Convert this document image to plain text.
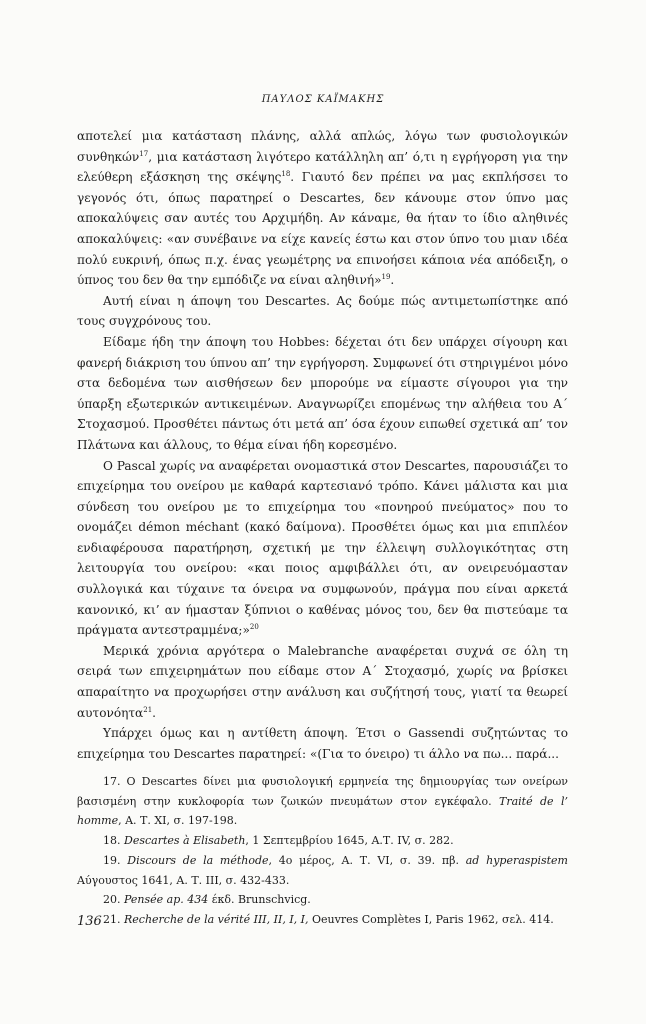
ΠΑΥΛΟΣ ΚΑΪΜΑΚΗΣ

αποτελεί μια κατάσταση πλάνης, αλλά απλώς, λόγω των φυσιολογικών συνθηκών$^{17}$, μια κατάσταση λιγότερο κατάλληλη απ’ ό,τι η εγρήγορση για την ελεύθερη εξάσκηση της σκέψης$^{18}$. Γιαυτό δεν πρέπει να μας εκπλήσσει το γεγονός ότι, όπως παρατηρεί ο Descartes, δεν κάνουμε στον ύπνο μας αποκαλύψεις σαν αυτές του Αρχιμήδη. Αν κάναμε, θα ήταν το ίδιο αληθινές αποκαλύψεις: «αν συνέβαινε να είχε κανείς έστω και στον ύπνο του μιαν ιδέα πολύ ευκρινή, όπως π.χ. ένας γεωμέτρης να επινοήσει κάποια νέα απόδειξη, ο ύπνος του δεν θα την εμπόδιζε να είναι αληθινή»$^{19}$.

Αυτή είναι η άποψη του Descartes. Ας δούμε πώς αντιμετωπίστηκε από τους συγχρόνους του.

Είδαμε ήδη την άποψη του Hobbes: δέχεται ότι δεν υπάρχει σίγουρη και φανερή διάκριση του ύπνου απ’ την εγρήγορση. Συμφωνεί ότι στηριγμένοι μόνο στα δεδομένα των αισθήσεων δεν μπορούμε να είμαστε σίγουροι για την ύπαρξη εξωτερικών αντικειμένων. Αναγνωρίζει επομένως την αλήθεια του Α΄ Στοχασμού. Προσθέτει πάντως ότι μετά απ’ όσα έχουν ειπωθεί σχετικά απ’ τον Πλάτωνα και άλλους, το θέμα είναι ήδη κορεσμένο.

Ο Pascal χωρίς να αναφέρεται ονομαστικά στον Descartes, παρουσιάζει το επιχείρημα του ονείρου με καθαρά καρτεσιανό τρόπο. Κάνει μάλιστα και μια σύνδεση του ονείρου με το επιχείρημα του «πονηρού πνεύματος» που το ονομάζει démon méchant (κακό δαίμονα). Προσθέτει όμως και μια επιπλέον ενδιαφέρουσα παρατήρηση, σχετική με την έλλειψη συλλογικότητας στη λειτουργία του ονείρου: «και ποιος αμφιβάλλει ότι, αν ονειρευόμασταν συλλογικά και τύχαινε τα όνειρα να συμφωνούν, πράγμα που είναι αρκετά κανονικό, κι’ αν ήμασταν ξύπνιοι ο καθένας μόνος του, δεν θα πιστεύαμε τα πράγματα αντεστραμμένα;»$^{20}$

Μερικά χρόνια αργότερα ο Malebranche αναφέρεται συχνά σε όλη τη σειρά των επιχειρημάτων που είδαμε στον Α΄ Στοχασμό, χωρίς να βρίσκει απαραίτητο να προχωρήσει στην ανάλυση και συζήτησή τους, γιατί τα θεωρεί αυτονόητα$^{21}$.

Υπάρχει όμως και η αντίθετη άποψη. Έτσι ο Gassendi συζητώντας το επιχείρημα του Descartes παρατηρεί: «(Για το όνειρο) τι άλλο να πω... παρά...

17. Ο Descartes δίνει μια φυσιολογική ερμηνεία της δημιουργίας των ονείρων βασισμένη στην κυκλοφορία των ζωικών πνευμάτων στον εγκέφαλο. Traité de l’ homme, Α. Τ. ΧΙ, σ. 197-198.

18. Descartes à Elisabeth, 1 Σεπτεμβρίου 1645, Α.Τ. IV, σ. 282.

19. Discours de la méthode, 4ο μέρος, Α. Τ. VI, σ. 39. πβ. ad hyperaspistem Αύγουστος 1641, Α. Τ. III, σ. 432-433.

20. Pensée ap. 434 έκδ. Brunschvicg.

21. Recherche de la vérité III, II, I, I, Oeuvres Complètes I, Paris 1962, σελ. 414.

136
